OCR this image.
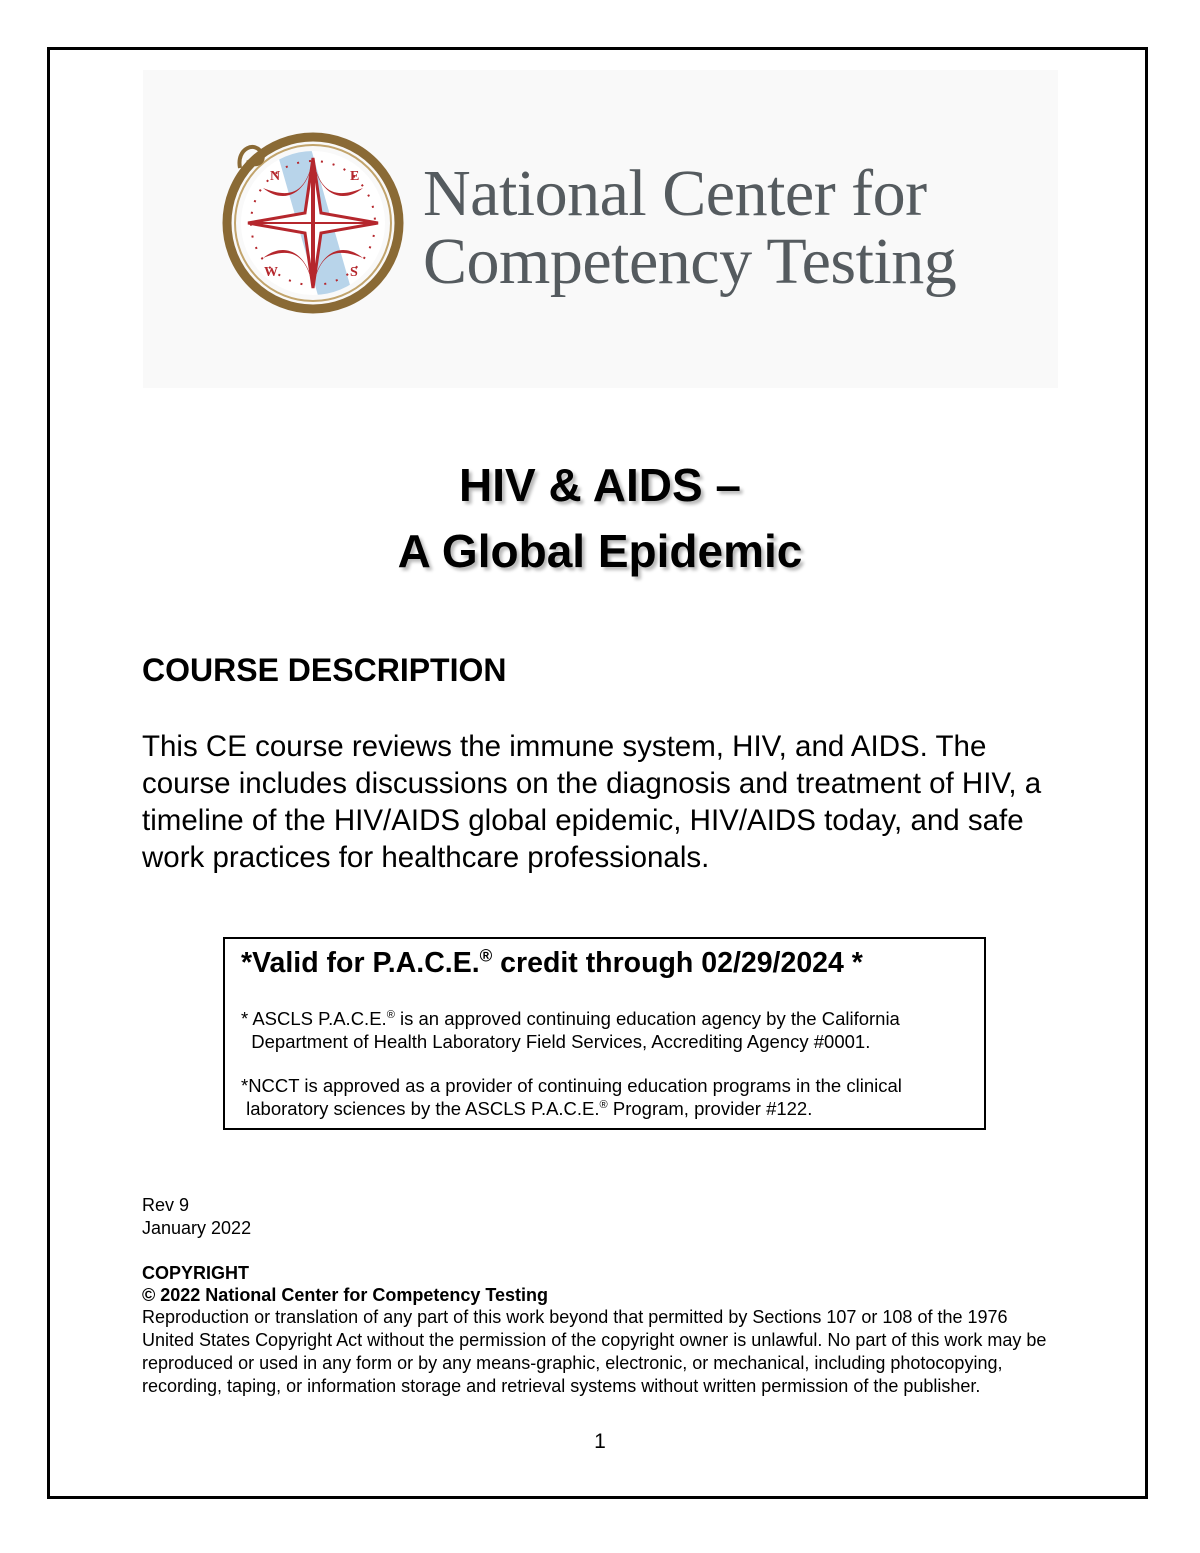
N	E
S
W
National Center for
Competency Testing
HIV & AIDS –
A Global Epidemic
COURSE DESCRIPTION
This CE course reviews the immune system, HIV, and AIDS. The course includes discussions on the diagnosis and treatment of HIV, a timeline of the HIV/AIDS global epidemic, HIV/AIDS today, and safe work practices for healthcare professionals.
*Valid for P.A.C.E.® credit through 02/29/2024 *
* ASCLS P.A.C.E.® is an approved continuing education agency by the California
Department of Health Laboratory Field Services, Accrediting Agency #0001.
*NCCT is approved as a provider of continuing education programs in the clinical
laboratory sciences by the ASCLS P.A.C.E.® Program, provider #122.
Rev 9
January 2022
COPYRIGHT
© 2022 National Center for Competency Testing
Reproduction or translation of any part of this work beyond that permitted by Sections 107 or 108 of the 1976 United States Copyright Act without the permission of the copyright owner is unlawful. No part of this work may be reproduced or used in any form or by any means-graphic, electronic, or mechanical, including photocopying, recording, taping, or information storage and retrieval systems without written permission of the publisher.
1
